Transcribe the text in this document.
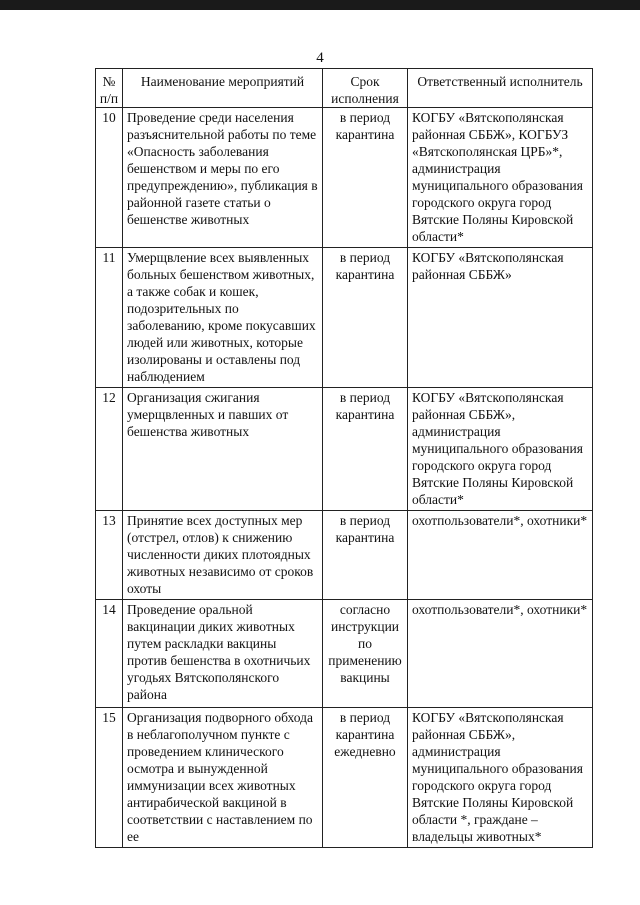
4
№ п/п	Наименование мероприятий	Срок исполнения	Ответственный исполнитель
10	Проведение среди населения разъяснительной работы по теме «Опасность заболевания бешенством и меры по его предупреждению», публикация в районной газете статьи о бешенстве животных	в период карантина	КОГБУ «Вятскополянская районная СББЖ», КОГБУЗ «Вятскополянская ЦРБ»*, администрация муниципального образования городского округа город Вятские Поляны Кировской области*
11	Умерщвление всех выявленных больных бешенством животных, а также собак и кошек, подозрительных по заболеванию, кроме покусавших людей или животных, которые изолированы и оставлены под наблюдением	в период карантина	КОГБУ «Вятскополянская районная СББЖ»
12	Организация сжигания умерщвленных и павших от бешенства животных	в период карантина	КОГБУ «Вятскополянская районная СББЖ», администрация муниципального образования городского округа город Вятские Поляны Кировской области*
13	Принятие всех доступных мер (отстрел, отлов) к снижению численности диких плотоядных животных независимо от сроков охоты	в период карантина	охотпользователи*, охотники*
14	Проведение оральной вакцинации диких животных путем раскладки вакцины против бешенства в охотничьих угодьях Вятскополянского района	согласно инструкции по применению вакцины	охотпользователи*, охотники*
15	Организация подворного обхода в неблагополучном пункте с проведением клинического осмотра и вынужденной иммунизации всех животных антирабической вакциной в соответствии с наставлением по ее	в период карантина ежедневно	КОГБУ «Вятскополянская районная СББЖ», администрация муниципального образования городского округа город Вятские Поляны Кировской области *, граждане – владельцы животных*
